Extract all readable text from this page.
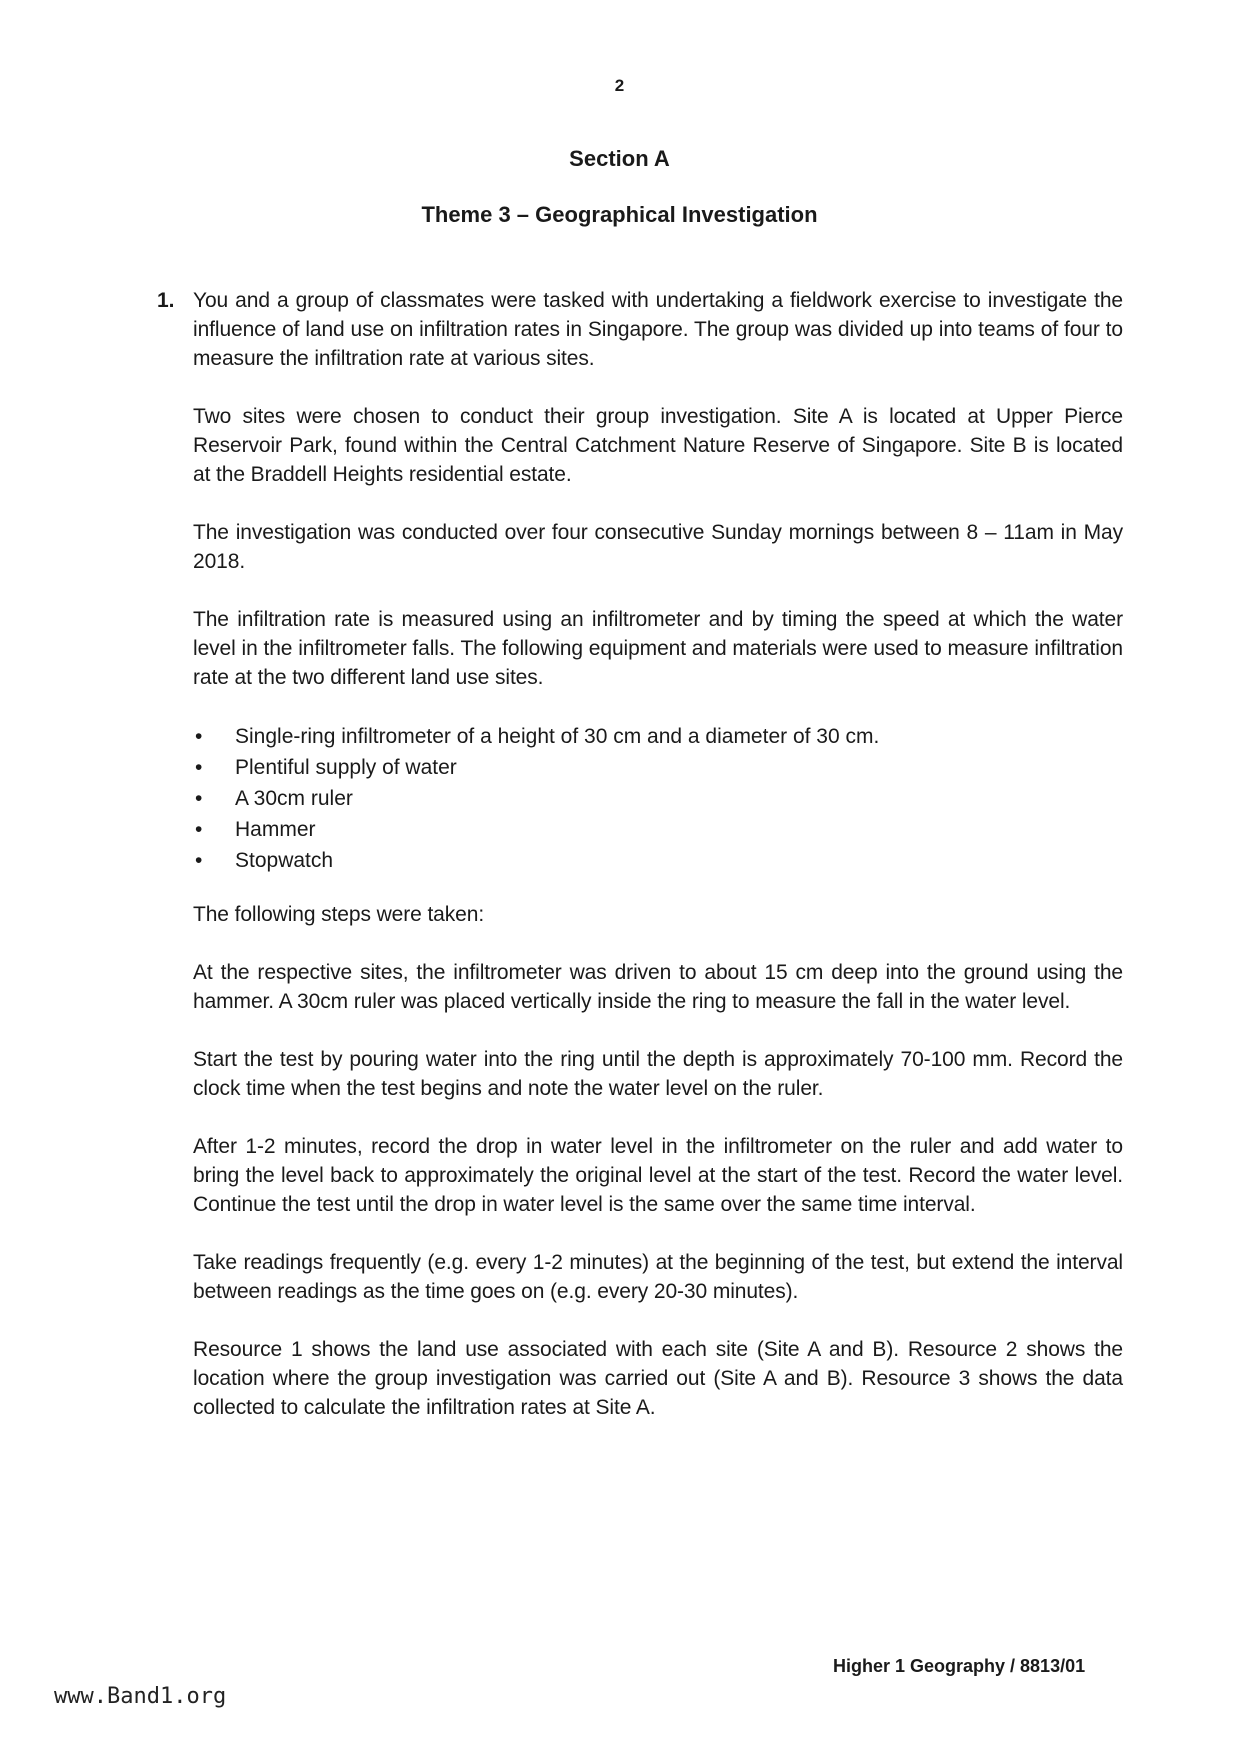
2
Section A
Theme 3 – Geographical Investigation
1. You and a group of classmates were tasked with undertaking a fieldwork exercise to investigate the influence of land use on infiltration rates in Singapore. The group was divided up into teams of four to measure the infiltration rate at various sites.

Two sites were chosen to conduct their group investigation. Site A is located at Upper Pierce Reservoir Park, found within the Central Catchment Nature Reserve of Singapore. Site B is located at the Braddell Heights residential estate.

The investigation was conducted over four consecutive Sunday mornings between 8 – 11am in May 2018.

The infiltration rate is measured using an infiltrometer and by timing the speed at which the water level in the infiltrometer falls. The following equipment and materials were used to measure infiltration rate at the two different land use sites.

• Single-ring infiltrometer of a height of 30 cm and a diameter of 30 cm.
• Plentiful supply of water
• A 30cm ruler
• Hammer
• Stopwatch

The following steps were taken:

At the respective sites, the infiltrometer was driven to about 15 cm deep into the ground using the hammer. A 30cm ruler was placed vertically inside the ring to measure the fall in the water level.

Start the test by pouring water into the ring until the depth is approximately 70-100 mm. Record the clock time when the test begins and note the water level on the ruler.

After 1-2 minutes, record the drop in water level in the infiltrometer on the ruler and add water to bring the level back to approximately the original level at the start of the test. Record the water level. Continue the test until the drop in water level is the same over the same time interval.

Take readings frequently (e.g. every 1-2 minutes) at the beginning of the test, but extend the interval between readings as the time goes on (e.g. every 20-30 minutes).

Resource 1 shows the land use associated with each site (Site A and B). Resource 2 shows the location where the group investigation was carried out (Site A and B). Resource 3 shows the data collected to calculate the infiltration rates at Site A.

Higher 1 Geography / 8813/01
www.Band1.org
